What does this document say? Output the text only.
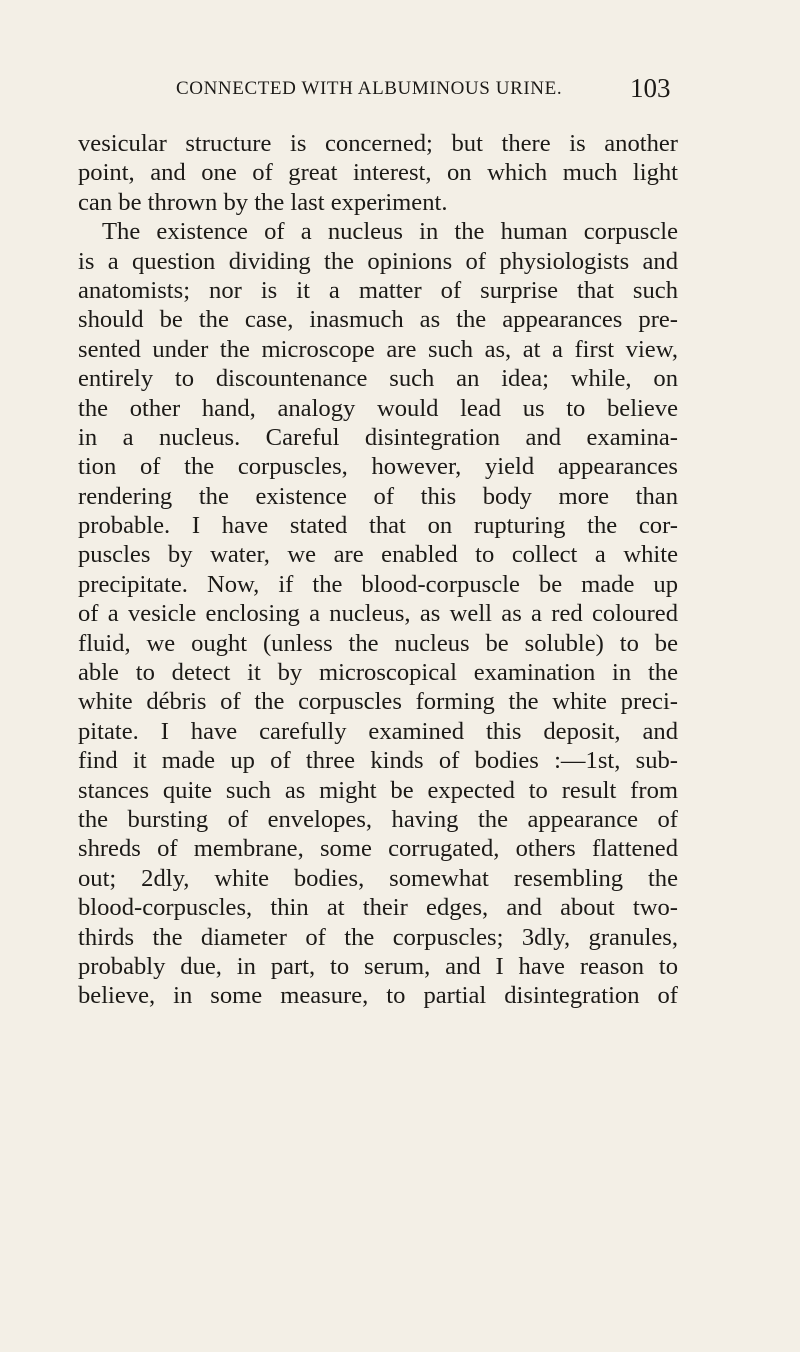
CONNECTED WITH ALBUMINOUS URINE.	103
vesicular structure is concerned; but there is another
point, and one of great interest, on which much light
can be thrown by the last experiment.
The existence of a nucleus in the human corpuscle
is a question dividing the opinions of physiologists and
anatomists; nor is it a matter of surprise that such
should be the case, inasmuch as the appearances pre-
sented under the microscope are such as, at a first view,
entirely to discountenance such an idea; while, on
the other hand, analogy would lead us to believe
in a nucleus. Careful disintegration and examina-
tion of the corpuscles, however, yield appearances
rendering the existence of this body more than
probable. I have stated that on rupturing the cor-
puscles by water, we are enabled to collect a white
precipitate. Now, if the blood-corpuscle be made up
of a vesicle enclosing a nucleus, as well as a red coloured
fluid, we ought (unless the nucleus be soluble) to be
able to detect it by microscopical examination in the
white débris of the corpuscles forming the white preci-
pitate. I have carefully examined this deposit, and
find it made up of three kinds of bodies :—1st, sub-
stances quite such as might be expected to result from
the bursting of envelopes, having the appearance of
shreds of membrane, some corrugated, others flattened
out; 2dly, white bodies, somewhat resembling the
blood-corpuscles, thin at their edges, and about two-
thirds the diameter of the corpuscles; 3dly, granules,
probably due, in part, to serum, and I have reason to
believe, in some measure, to partial disintegration of
